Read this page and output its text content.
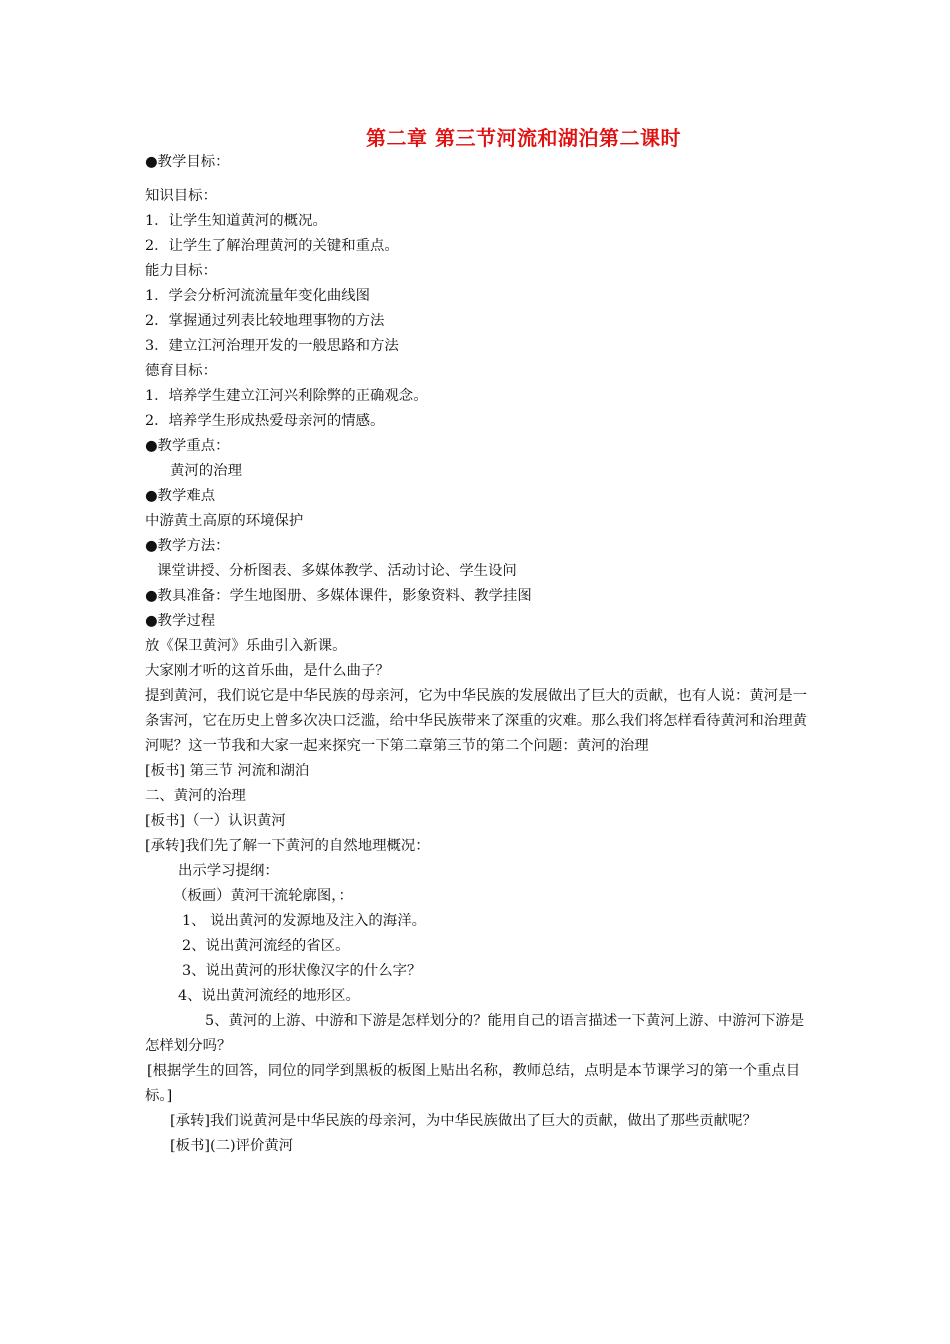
第二章 第三节河流和湖泊第二课时
●教学目标：
知识目标：
1．让学生知道黄河的概况。
2．让学生了解治理黄河的关键和重点。
能力目标：
1．学会分析河流流量年变化曲线图
2．掌握通过列表比较地理事物的方法
3．建立江河治理开发的一般思路和方法
德育目标：
1．培养学生建立江河兴利除弊的正确观念。
2．培养学生形成热爱母亲河的情感。
●教学重点：
黄河的治理
●教学难点
中游黄土高原的环境保护
●教学方法：
课堂讲授、分析图表、多媒体教学、活动讨论、学生设问
●教具准备：学生地图册、多媒体课件，影象资料、教学挂图
●教学过程
放《保卫黄河》乐曲引入新课。
大家刚才听的这首乐曲，是什么曲子？
提到黄河，我们说它是中华民族的母亲河，它为中华民族的发展做出了巨大的贡献，也有人说：黄河是一条害河，它在历史上曾多次决口泛滥，给中华民族带来了深重的灾难。那么我们将怎样看待黄河和治理黄河呢？这一节我和大家一起来探究一下第二章第三节的第二个问题：黄河的治理
[板书] 第三节 河流和湖泊
二、黄河的治理
[板书]（一）认识黄河
[承转]我们先了解一下黄河的自然地理概况：
出示学习提纲：
（板画）黄河干流轮廓图，：
1、 说出黄河的发源地及注入的海洋。
2、说出黄河流经的省区。
3、说出黄河的形状像汉字的什么字？
4、说出黄河流经的地形区。
5、黄河的上游、中游和下游是怎样划分的？能用自己的语言描述一下黄河上游、中游河下游是怎样划分吗？
[根据学生的回答，同位的同学到黑板的板图上贴出名称，教师总结，点明是本节课学习的第一个重点目标。]
[承转]我们说黄河是中华民族的母亲河，为中华民族做出了巨大的贡献，做出了那些贡献呢？
[板书](二)评价黄河
